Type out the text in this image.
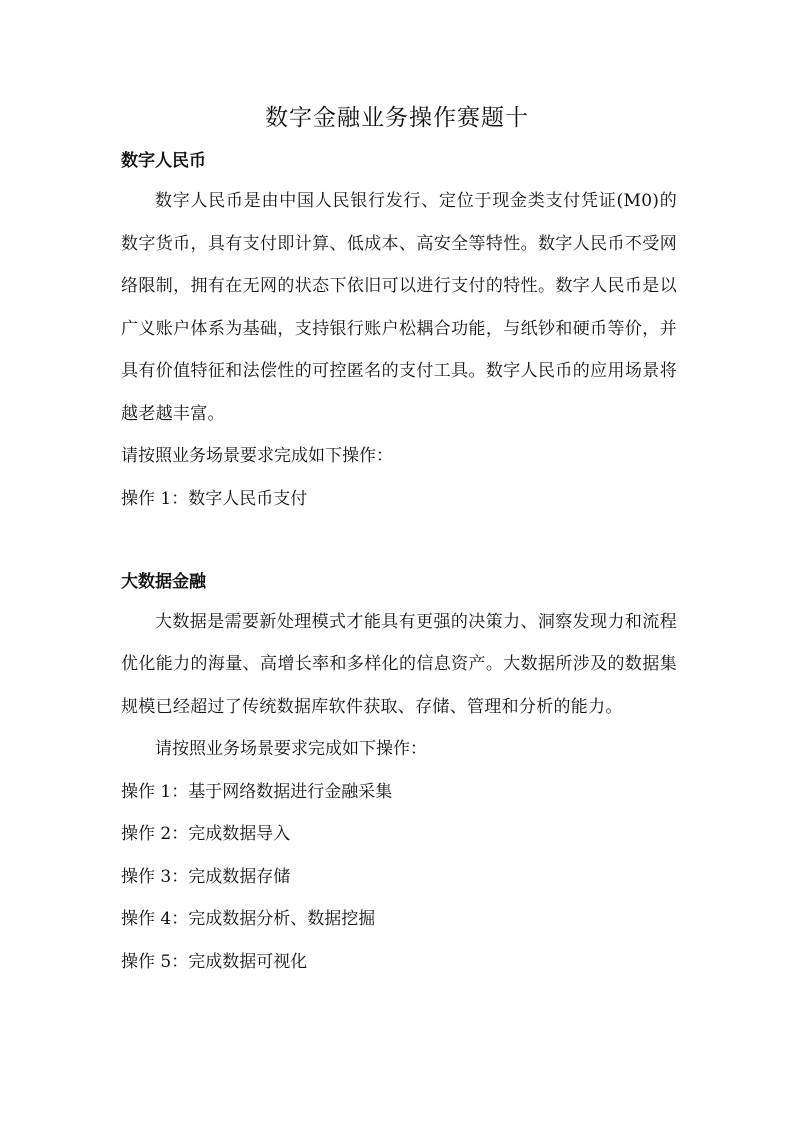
数字金融业务操作赛题十
数字人民币
数字人民币是由中国人民银行发行、定位于现金类支付凭证(M0)的数字货币，具有支付即计算、低成本、高安全等特性。数字人民币不受网络限制，拥有在无网的状态下依旧可以进行支付的特性。数字人民币是以广义账户体系为基础，支持银行账户松耦合功能，与纸钞和硬币等价，并具有价值特征和法偿性的可控匿名的支付工具。数字人民币的应用场景将越老越丰富。
请按照业务场景要求完成如下操作：
操作 1：数字人民币支付
大数据金融
大数据是需要新处理模式才能具有更强的决策力、洞察发现力和流程优化能力的海量、高增长率和多样化的信息资产。大数据所涉及的数据集规模已经超过了传统数据库软件获取、存储、管理和分析的能力。
请按照业务场景要求完成如下操作：
操作 1：基于网络数据进行金融采集
操作 2：完成数据导入
操作 3：完成数据存储
操作 4：完成数据分析、数据挖掘
操作 5：完成数据可视化
